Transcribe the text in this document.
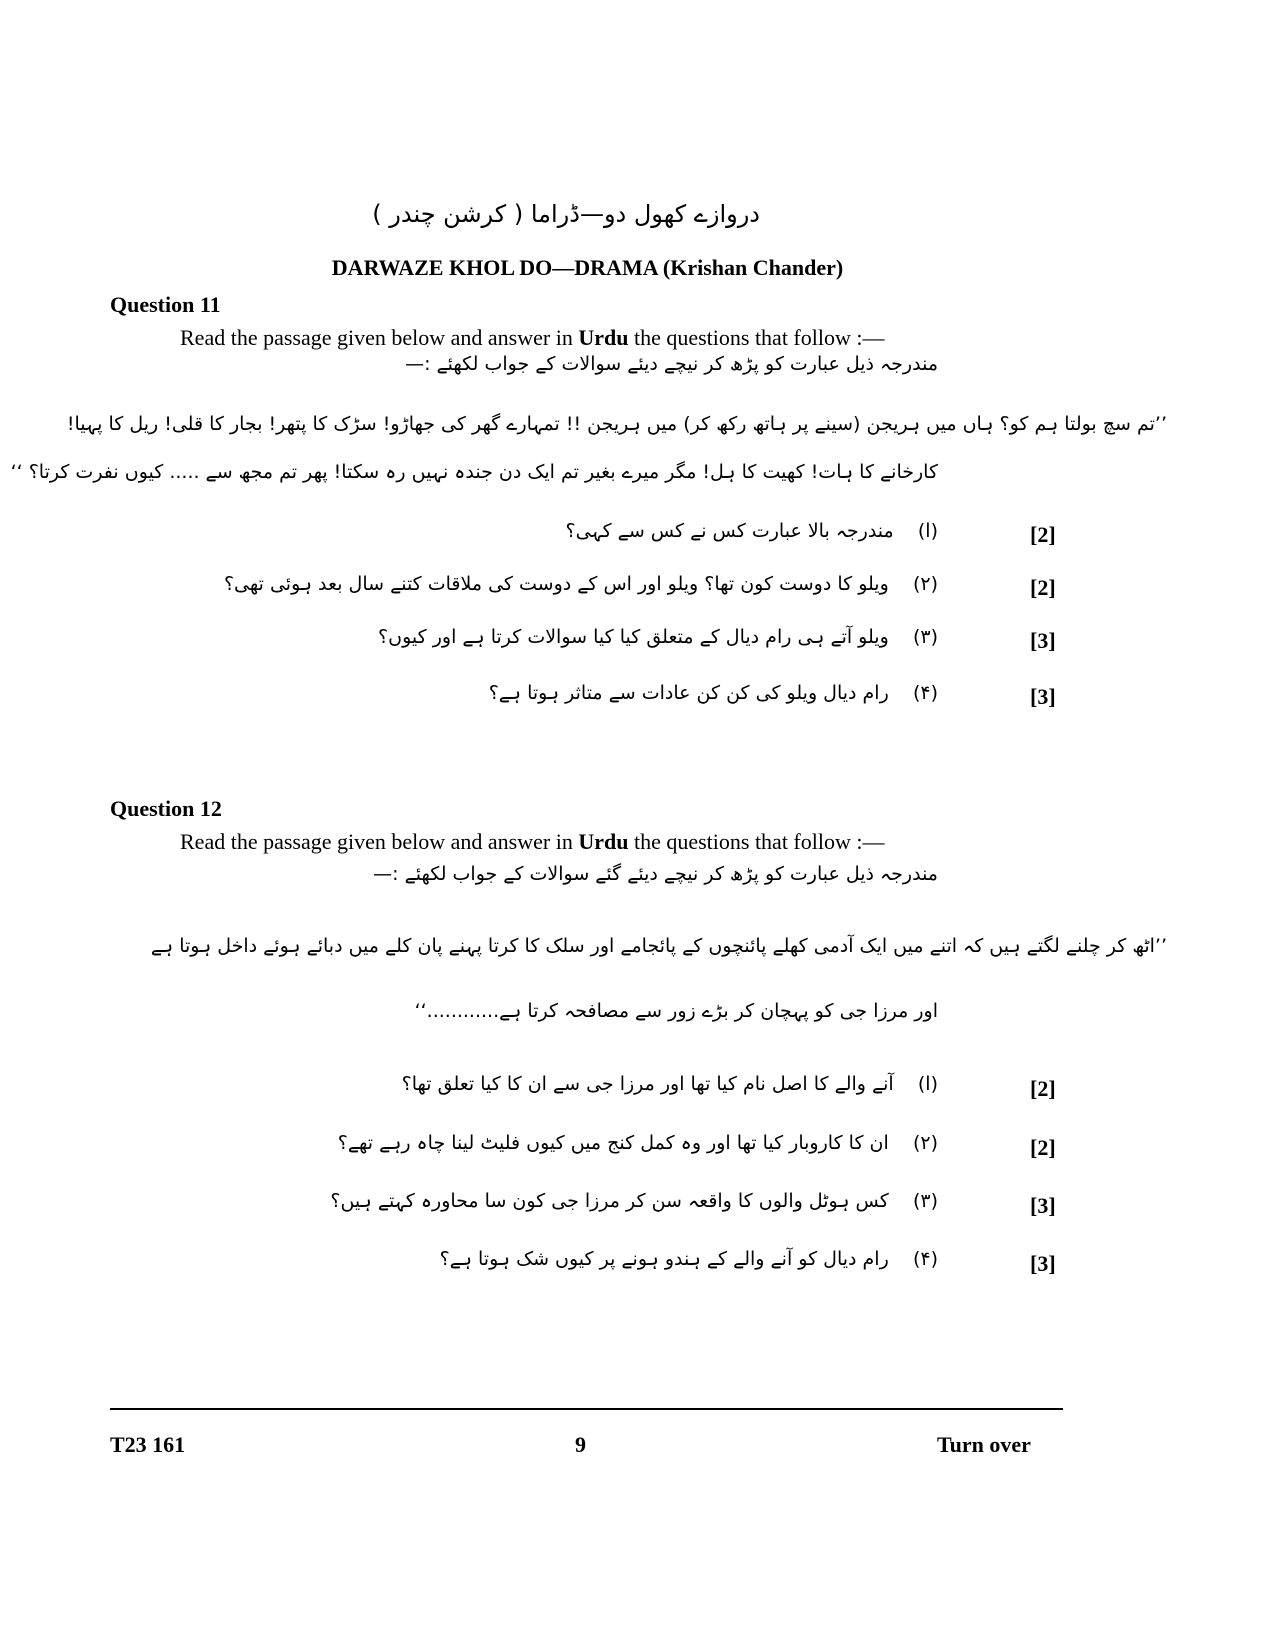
دروازے کھول دو—ڈراما ( کرشن چندر )
DARWAZE KHOL DO—DRAMA (Krishan Chander)
Question 11
Read the passage given below and answer in Urdu the questions that follow :—
مندرجہ ذیل عبارت کو پڑھ کر نیچے دیئے سوالات کے جواب لکھئے :—
’’تم سچ بولتا ہم کو؟ ہاں میں ہریجن (سینے پر ہاتھ رکھ کر) میں ہریجن !! تمہارے گھر کی جھاڑو! سڑک کا پتھر! بجار کا قلی! ریل کا پہیا!
کارخانے کا ہات! کھیت کا ہل! مگر میرے بغیر تم ایک دن جندہ نہیں رہ سکتا! پھر تم مجھ سے ..... کیوں نفرت کرتا؟ ‘‘
(ا)    مندرجہ بالا عبارت کس نے کس سے کہی؟	[2]
(۲)    ویلو کا دوست کون تھا؟ ویلو اور اس کے دوست کی ملاقات کتنے سال بعد ہوئی تھی؟	[2]
(۳)    ویلو آتے ہی رام دیال کے متعلق کیا کیا سوالات کرتا ہے اور کیوں؟	[3]
(۴)    رام دیال ویلو کی کن کن عادات سے متاثر ہوتا ہے؟	[3]
Question 12
Read the passage given below and answer in Urdu the questions that follow :—
مندرجہ ذیل عبارت کو پڑھ کر نیچے دیئے گئے سوالات کے جواب لکھئے :—
’’اٹھ کر چلنے لگتے ہیں کہ اتنے میں ایک آدمی کھلے پائنچوں کے پائجامے اور سلک کا کرتا پہنے پان کلے میں دبائے ہوئے داخل ہوتا ہے
اور مرزا جی کو پہچان کر بڑے زور سے مصافحہ کرتا ہے............‘‘
(ا)    آنے والے کا اصل نام کیا تھا اور مرزا جی سے ان کا کیا تعلق تھا؟	[2]
(۲)    ان کا کاروبار کیا تھا اور وہ کمل کنج میں کیوں فلیٹ لینا چاہ رہے تھے؟	[2]
(۳)    کس ہوٹل والوں کا واقعہ سن کر مرزا جی کون سا محاورہ کہتے ہیں؟	[3]
(۴)    رام دیال کو آنے والے کے ہندو ہونے پر کیوں شک ہوتا ہے؟	[3]
T23 161	9	Turn over
